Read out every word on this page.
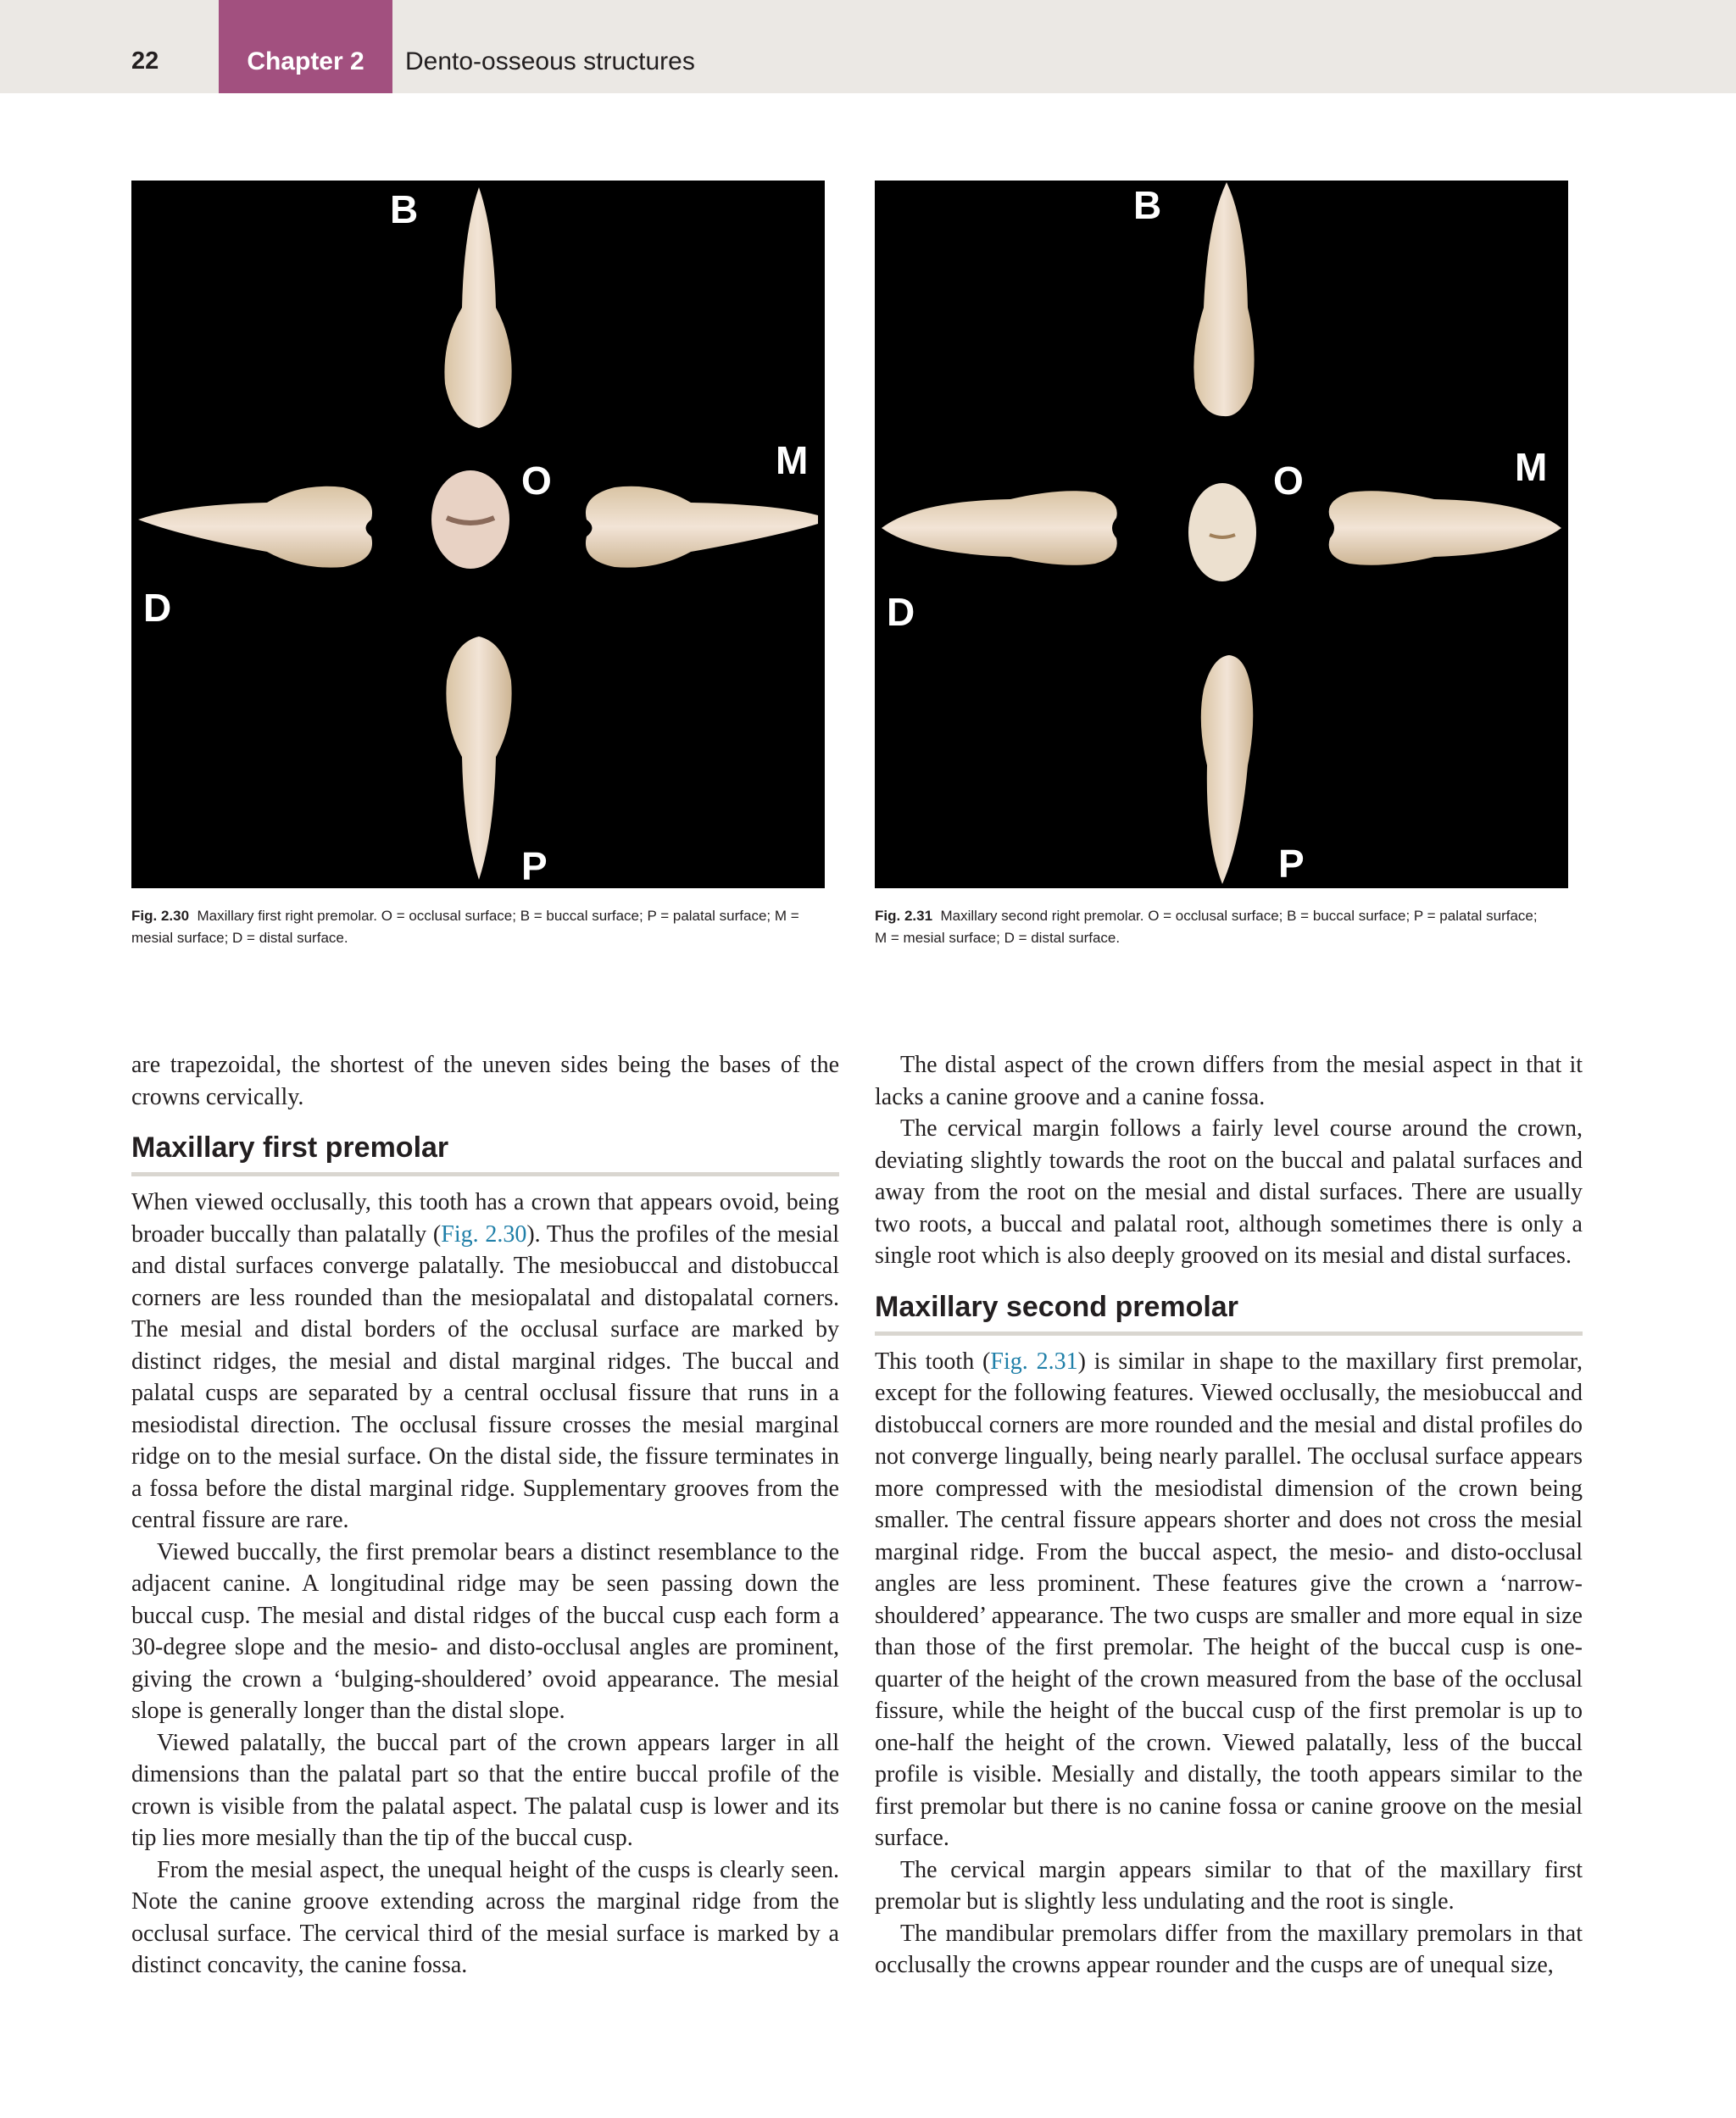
22	Chapter 2 Dento-osseous structures
B
O	M
D
P
Fig. 2.30 Maxillary first right premolar. O = occlusal surface; B = buccal surface; P = palatal surface; M = mesial surface; D = distal surface.
B
O	M
D
P
Fig. 2.31 Maxillary second right premolar. O = occlusal surface; B = buccal surface; P = palatal surface; M = mesial surface; D = distal surface.

are trapezoidal, the shortest of the uneven sides being the bases of the crowns cervically.

Maxillary first premolar

When viewed occlusally, this tooth has a crown that appears ovoid, being broader buccally than palatally (Fig. 2.30). Thus the profiles of the mesial and distal surfaces converge palatally. The mesiobuccal and distobuccal corners are less rounded than the mesiopalatal and distopalatal corners. The mesial and distal borders of the occlusal surface are marked by distinct ridges, the mesial and distal marginal ridges. The buccal and palatal cusps are separated by a central occlusal fissure that runs in a mesiodistal direction. The occlusal fissure crosses the mesial marginal ridge on to the mesial surface. On the distal side, the fissure terminates in a fossa before the distal marginal ridge. Supplementary grooves from the central fissure are rare.

Viewed buccally, the first premolar bears a distinct resemblance to the adjacent canine. A longitudinal ridge may be seen passing down the buccal cusp. The mesial and distal ridges of the buccal cusp each form a 30-degree slope and the mesio- and disto-occlusal angles are prominent, giving the crown a ‘bulging-shouldered’ ovoid appearance. The mesial slope is generally longer than the distal slope.

Viewed palatally, the buccal part of the crown appears larger in all dimensions than the palatal part so that the entire buccal profile of the crown is visible from the palatal aspect. The palatal cusp is lower and its tip lies more mesially than the tip of the buccal cusp.

From the mesial aspect, the unequal height of the cusps is clearly seen. Note the canine groove extending across the marginal ridge from the occlusal surface. The cervical third of the mesial surface is marked by a distinct concavity, the canine fossa.

The distal aspect of the crown differs from the mesial aspect in that it lacks a canine groove and a canine fossa.

The cervical margin follows a fairly level course around the crown, deviating slightly towards the root on the buccal and palatal surfaces and away from the root on the mesial and distal surfaces. There are usually two roots, a buccal and palatal root, although sometimes there is only a single root which is also deeply grooved on its mesial and distal surfaces.

Maxillary second premolar

This tooth (Fig. 2.31) is similar in shape to the maxillary first premolar, except for the following features. Viewed occlusally, the mesiobuccal and distobuccal corners are more rounded and the mesial and distal profiles do not converge lingually, being nearly parallel. The occlusal surface appears more compressed with the mesiodistal dimension of the crown being smaller. The central fissure appears shorter and does not cross the mesial marginal ridge. From the buccal aspect, the mesio- and disto-occlusal angles are less prominent. These features give the crown a ‘narrow-shouldered’ appearance. The two cusps are smaller and more equal in size than those of the first premolar. The height of the buccal cusp is one-quarter of the height of the crown measured from the base of the occlusal fissure, while the height of the buccal cusp of the first premolar is up to one-half the height of the crown. Viewed palatally, less of the buccal profile is visible. Mesially and distally, the tooth appears similar to the first premolar but there is no canine fossa or canine groove on the mesial surface.

The cervical margin appears similar to that of the maxillary first premolar but is slightly less undulating and the root is single.

The mandibular premolars differ from the maxillary premolars in that occlusally the crowns appear rounder and the cusps are of unequal size,
